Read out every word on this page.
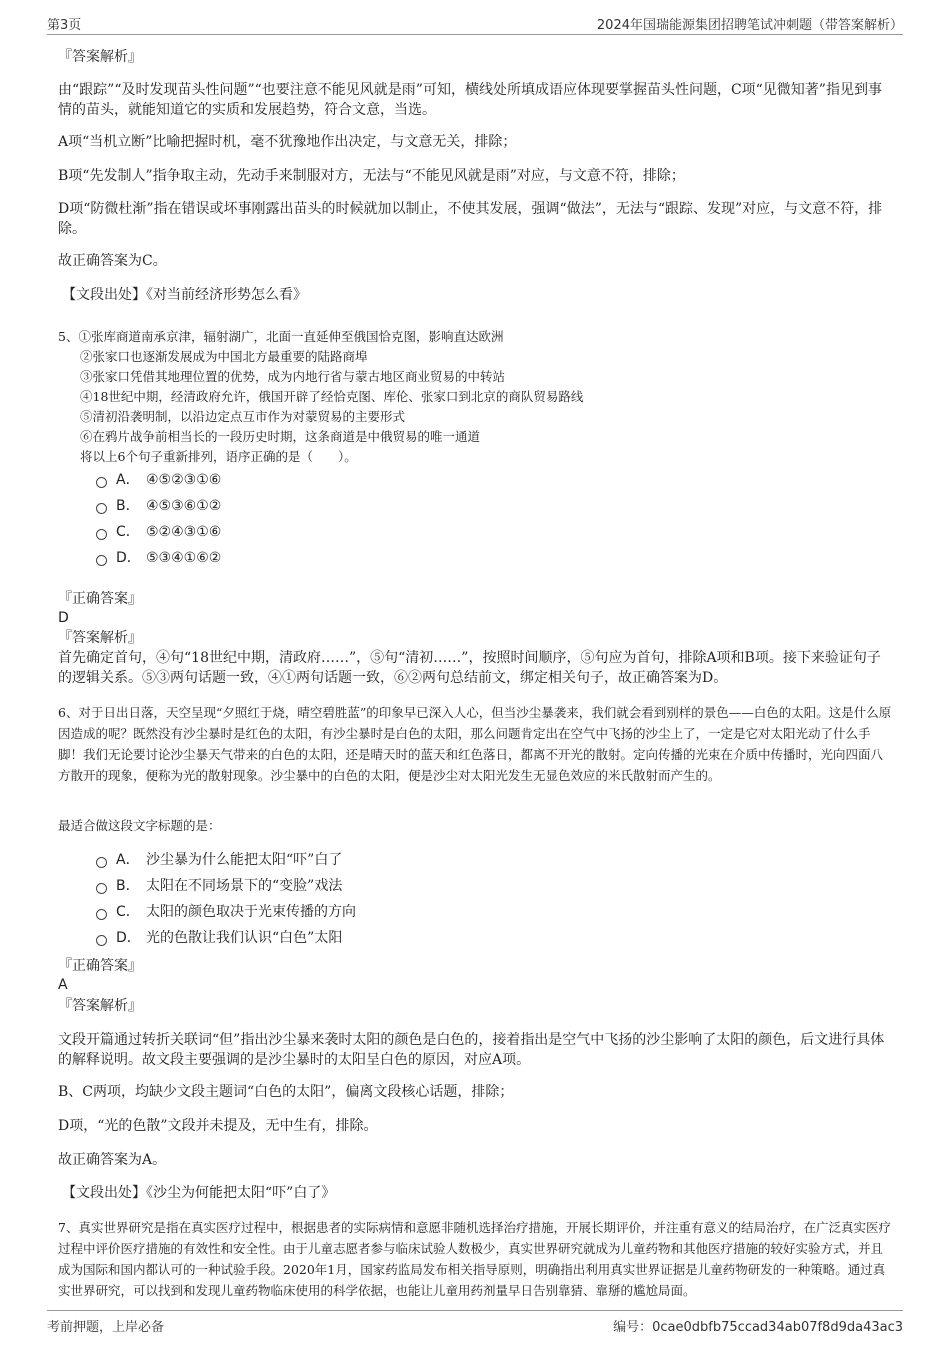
第3页	2024年国瑞能源集团招聘笔试冲刺题（带答案解析）
『答案解析』
由“跟踪”“及时发现苗头性问题”“也要注意不能见风就是雨”可知，横线处所填成语应体现要掌握苗头性问题，C项“见微知著”指见到事情的苗头，就能知道它的实质和发展趋势，符合文意，当选。
A项“当机立断”比喻把握时机，毫不犹豫地作出决定，与文意无关，排除；
B项“先发制人”指争取主动，先动手来制服对方，无法与“不能见风就是雨”对应，与文意不符，排除；
D项“防微杜渐”指在错误或坏事刚露出苗头的时候就加以制止，不使其发展，强调“做法”，无法与“跟踪、发现”对应，与文意不符，排除。
故正确答案为C。
【文段出处】《对当前经济形势怎么看》
5、①张库商道南承京津，辐射湖广，北面一直延伸至俄国恰克图，影响直达欧洲
②张家口也逐渐发展成为中国北方最重要的陆路商埠
③张家口凭借其地理位置的优势，成为内地行省与蒙古地区商业贸易的中转站
④18世纪中期，经清政府允许，俄国开辟了经恰克图、库伦、张家口到北京的商队贸易路线
⑤清初沿袭明制，以沿边定点互市作为对蒙贸易的主要形式
⑥在鸦片战争前相当长的一段历史时期，这条商道是中俄贸易的唯一通道
将以上6个句子重新排列，语序正确的是（　　）。
A． ④⑤②③①⑥
B． ④⑤③⑥①②
C． ⑤②④③①⑥
D． ⑤③④①⑥②
『正确答案』
D
『答案解析』
首先确定首句，④句“18世纪中期，清政府……”，⑤句“清初……”，按照时间顺序，⑤句应为首句，排除A项和B项。接下来验证句子的逻辑关系。⑤③两句话题一致，④①两句话题一致，⑥②两句总结前文，绑定相关句子，故正确答案为D。
6、对于日出日落，天空呈现“夕照红于烧，晴空碧胜蓝”的印象早已深入人心，但当沙尘暴袭来，我们就会看到别样的景色——白色的太阳。这是什么原因造成的呢？既然没有沙尘暴时是红色的太阳，有沙尘暴时是白色的太阳，那么问题肯定出在空气中飞扬的沙尘上了，一定是它对太阳光动了什么手脚！我们无论要讨论沙尘暴天气带来的白色的太阳，还是晴天时的蓝天和红色落日，都离不开光的散射。定向传播的光束在介质中传播时，光向四面八方散开的现象，便称为光的散射现象。沙尘暴中的白色的太阳，便是沙尘对太阳光发生无显色效应的米氏散射而产生的。
最适合做这段文字标题的是：
A． 沙尘暴为什么能把太阳“吓”白了
B． 太阳在不同场景下的“变脸”戏法
C． 太阳的颜色取决于光束传播的方向
D． 光的色散让我们认识“白色”太阳
『正确答案』
A
『答案解析』
文段开篇通过转折关联词“但”指出沙尘暴来袭时太阳的颜色是白色的，接着指出是空气中飞扬的沙尘影响了太阳的颜色，后文进行具体的解释说明。故文段主要强调的是沙尘暴时的太阳呈白色的原因，对应A项。
B、C两项，均缺少文段主题词“白色的太阳”，偏离文段核心话题，排除；
D项，“光的色散”文段并未提及，无中生有，排除。
故正确答案为A。
【文段出处】《沙尘为何能把太阳“吓”白了》
7、真实世界研究是指在真实医疗过程中，根据患者的实际病情和意愿非随机选择治疗措施，开展长期评价，并注重有意义的结局治疗，在广泛真实医疗过程中评价医疗措施的有效性和安全性。由于儿童志愿者参与临床试验人数极少，真实世界研究就成为儿童药物和其他医疗措施的较好实验方式，并且成为国际和国内都认可的一种试验手段。2020年1月，国家药监局发布相关指导原则，明确指出利用真实世界证据是儿童药物研发的一种策略。通过真实世界研究，可以找到和发现儿童药物临床使用的科学依据，也能让儿童用药剂量早日告别靠猜、靠掰的尴尬局面。
考前押题，上岸必备	编号：0cae0dbfb75ccad34ab07f8d9da43ac3
